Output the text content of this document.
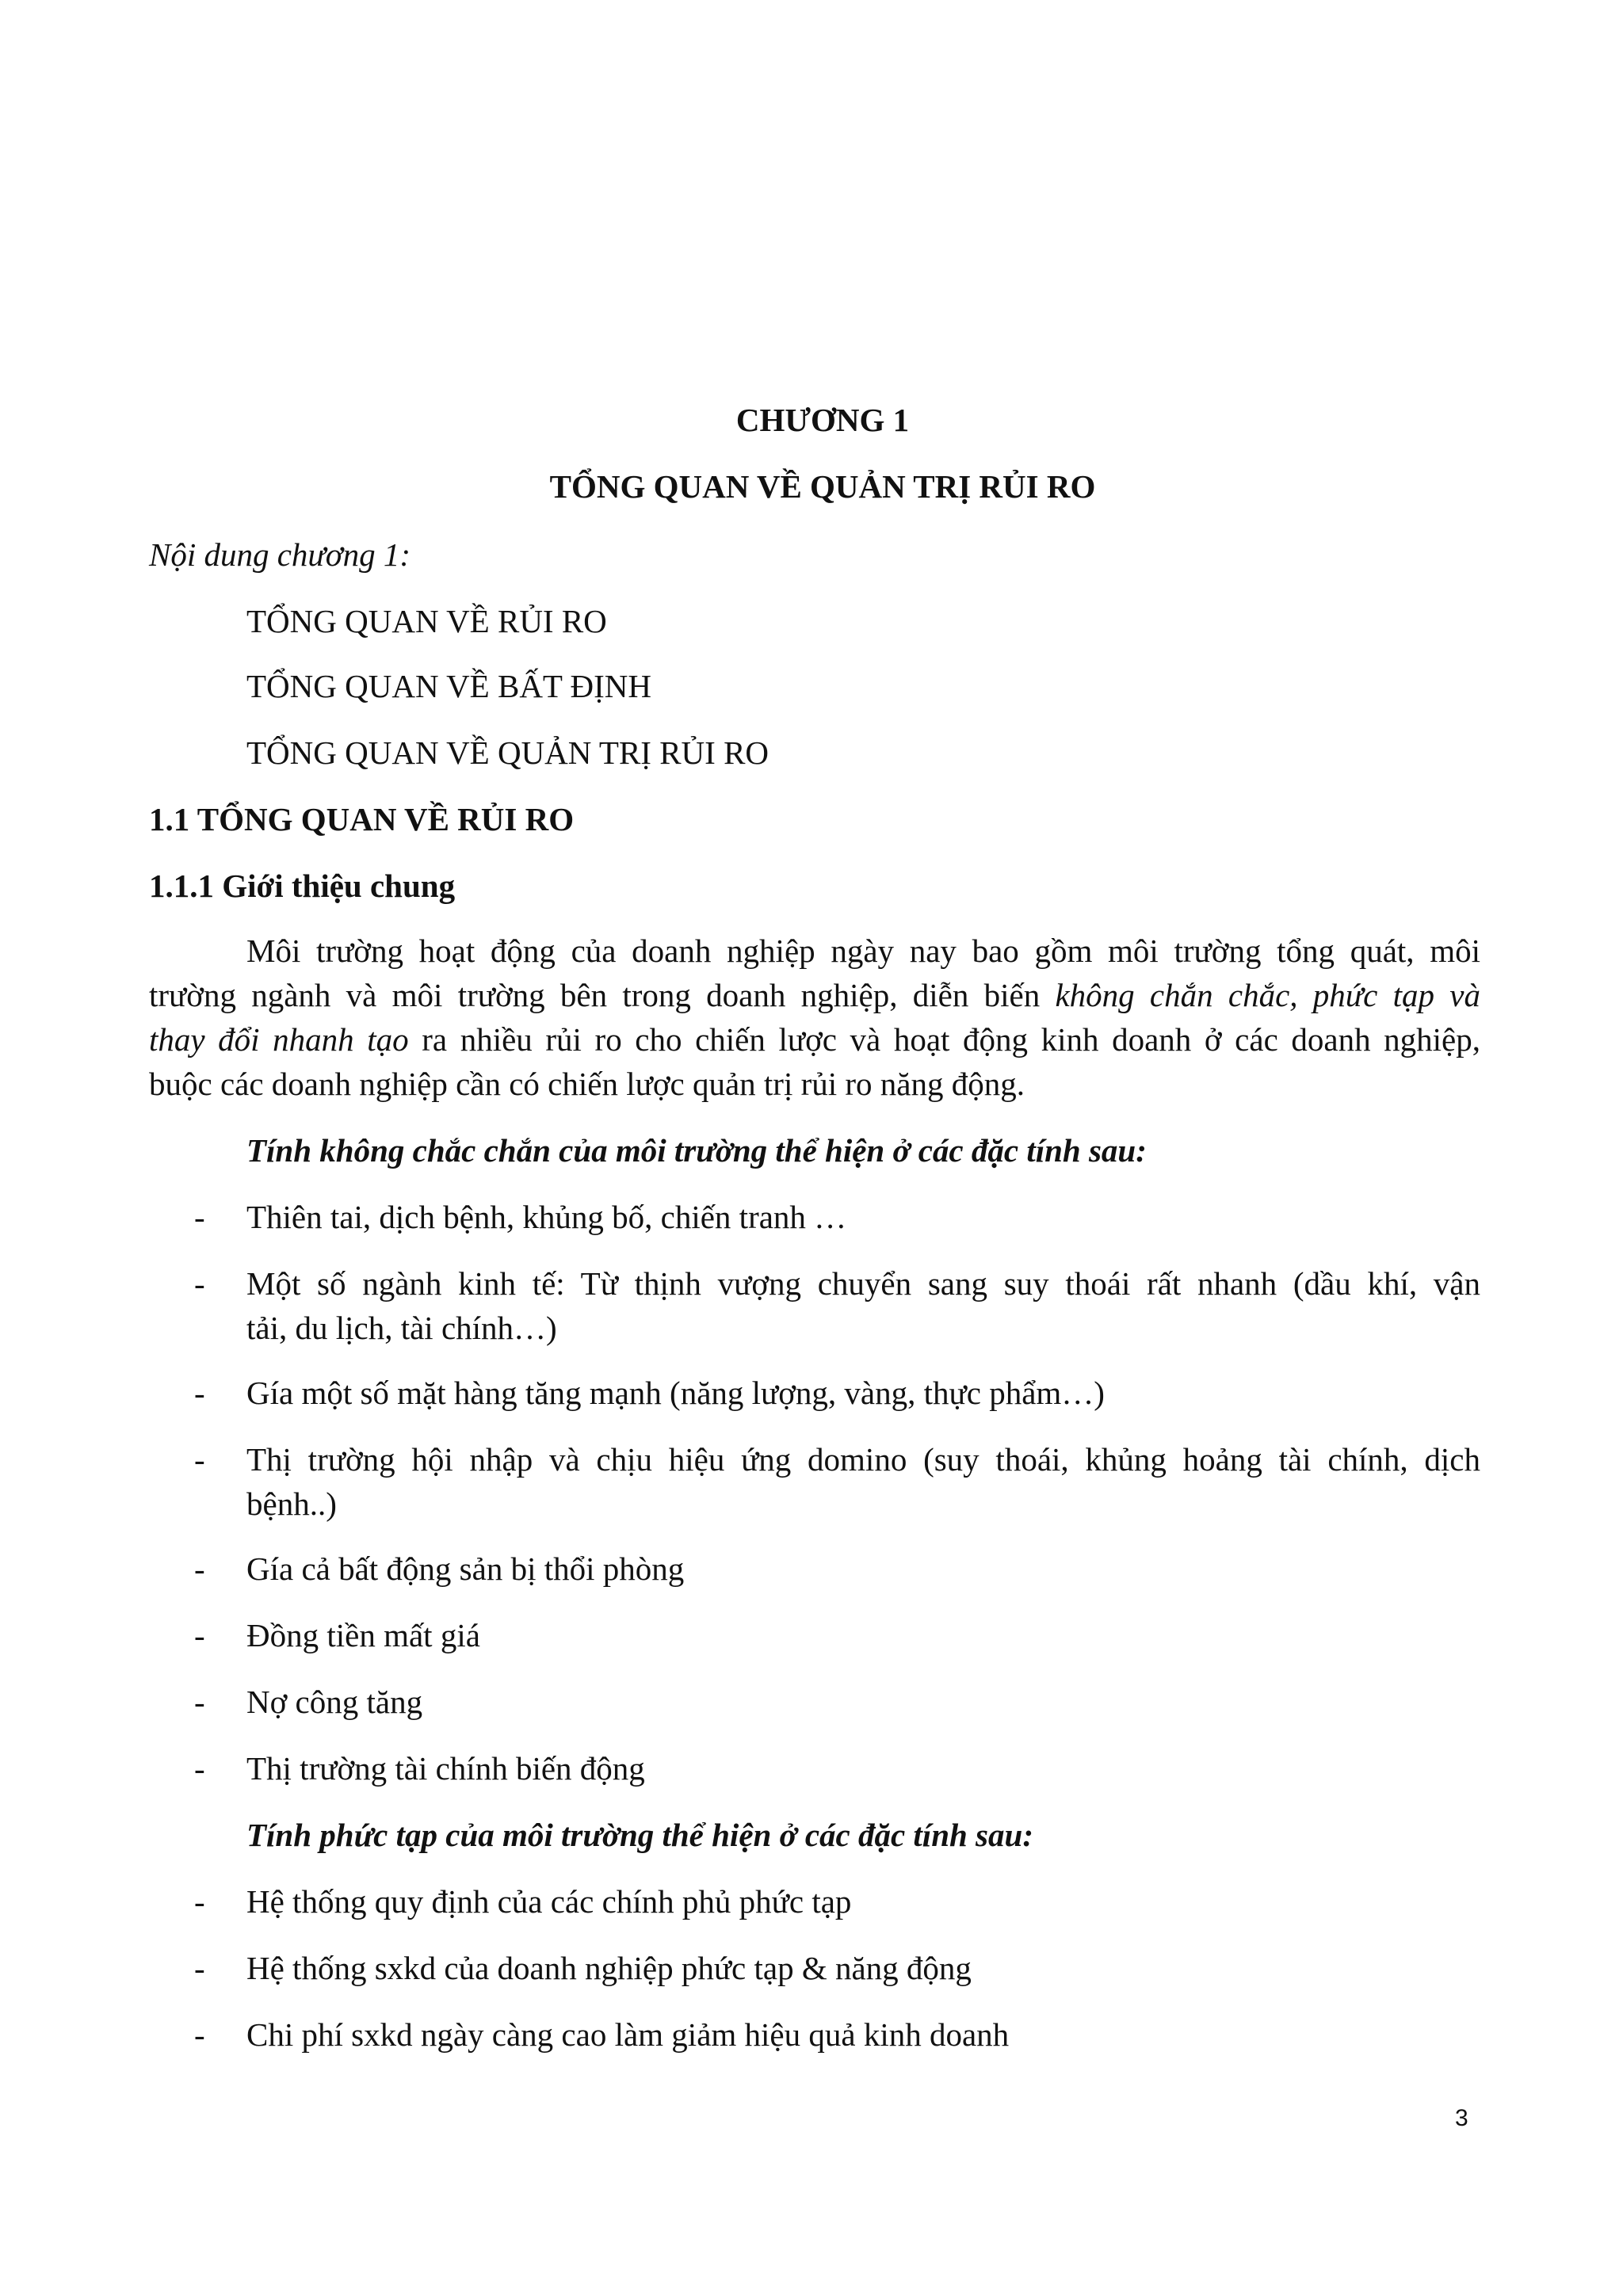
CHƯƠNG 1
TỔNG QUAN VỀ QUẢN TRỊ RỦI RO
Nội dung chương 1:
TỔNG QUAN VỀ RỦI RO
TỔNG QUAN VỀ BẤT ĐỊNH
TỔNG QUAN VỀ QUẢN TRỊ RỦI RO
1.1 TỔNG QUAN VỀ RỦI RO
1.1.1 Giới thiệu chung
Môi trường hoạt động của doanh nghiệp ngày nay bao gồm môi trường tổng quát, môi
trường ngành và môi trường bên trong doanh nghiệp, diễn biến không chắn chắc, phức tạp và
thay đổi nhanh tạo ra nhiều rủi ro cho chiến lược và hoạt động kinh doanh ở các doanh nghiệp,
buộc các doanh nghiệp cần có chiến lược quản trị rủi ro năng động.
Tính không chắc chắn của môi trường thể hiện ở các đặc tính sau:
- Thiên tai, dịch bệnh, khủng bố, chiến tranh …
- Một số ngành kinh tế: Từ thịnh vượng chuyển sang suy thoái rất nhanh (dầu khí, vận
tải, du lịch, tài chính…)
- Gía một số mặt hàng tăng mạnh (năng lượng, vàng, thực phẩm…)
- Thị trường hội nhập và chịu hiệu ứng domino (suy thoái, khủng hoảng tài chính, dịch
bệnh..)
- Gía cả bất động sản bị thổi phòng
- Đồng tiền mất giá
- Nợ công tăng
- Thị trường tài chính biến động
Tính phức tạp của môi trường thể hiện ở các đặc tính sau:
- Hệ thống quy định của các chính phủ phức tạp
- Hệ thống sxkd của doanh nghiệp phức tạp & năng động
- Chi phí sxkd ngày càng cao làm giảm hiệu quả kinh doanh
3
